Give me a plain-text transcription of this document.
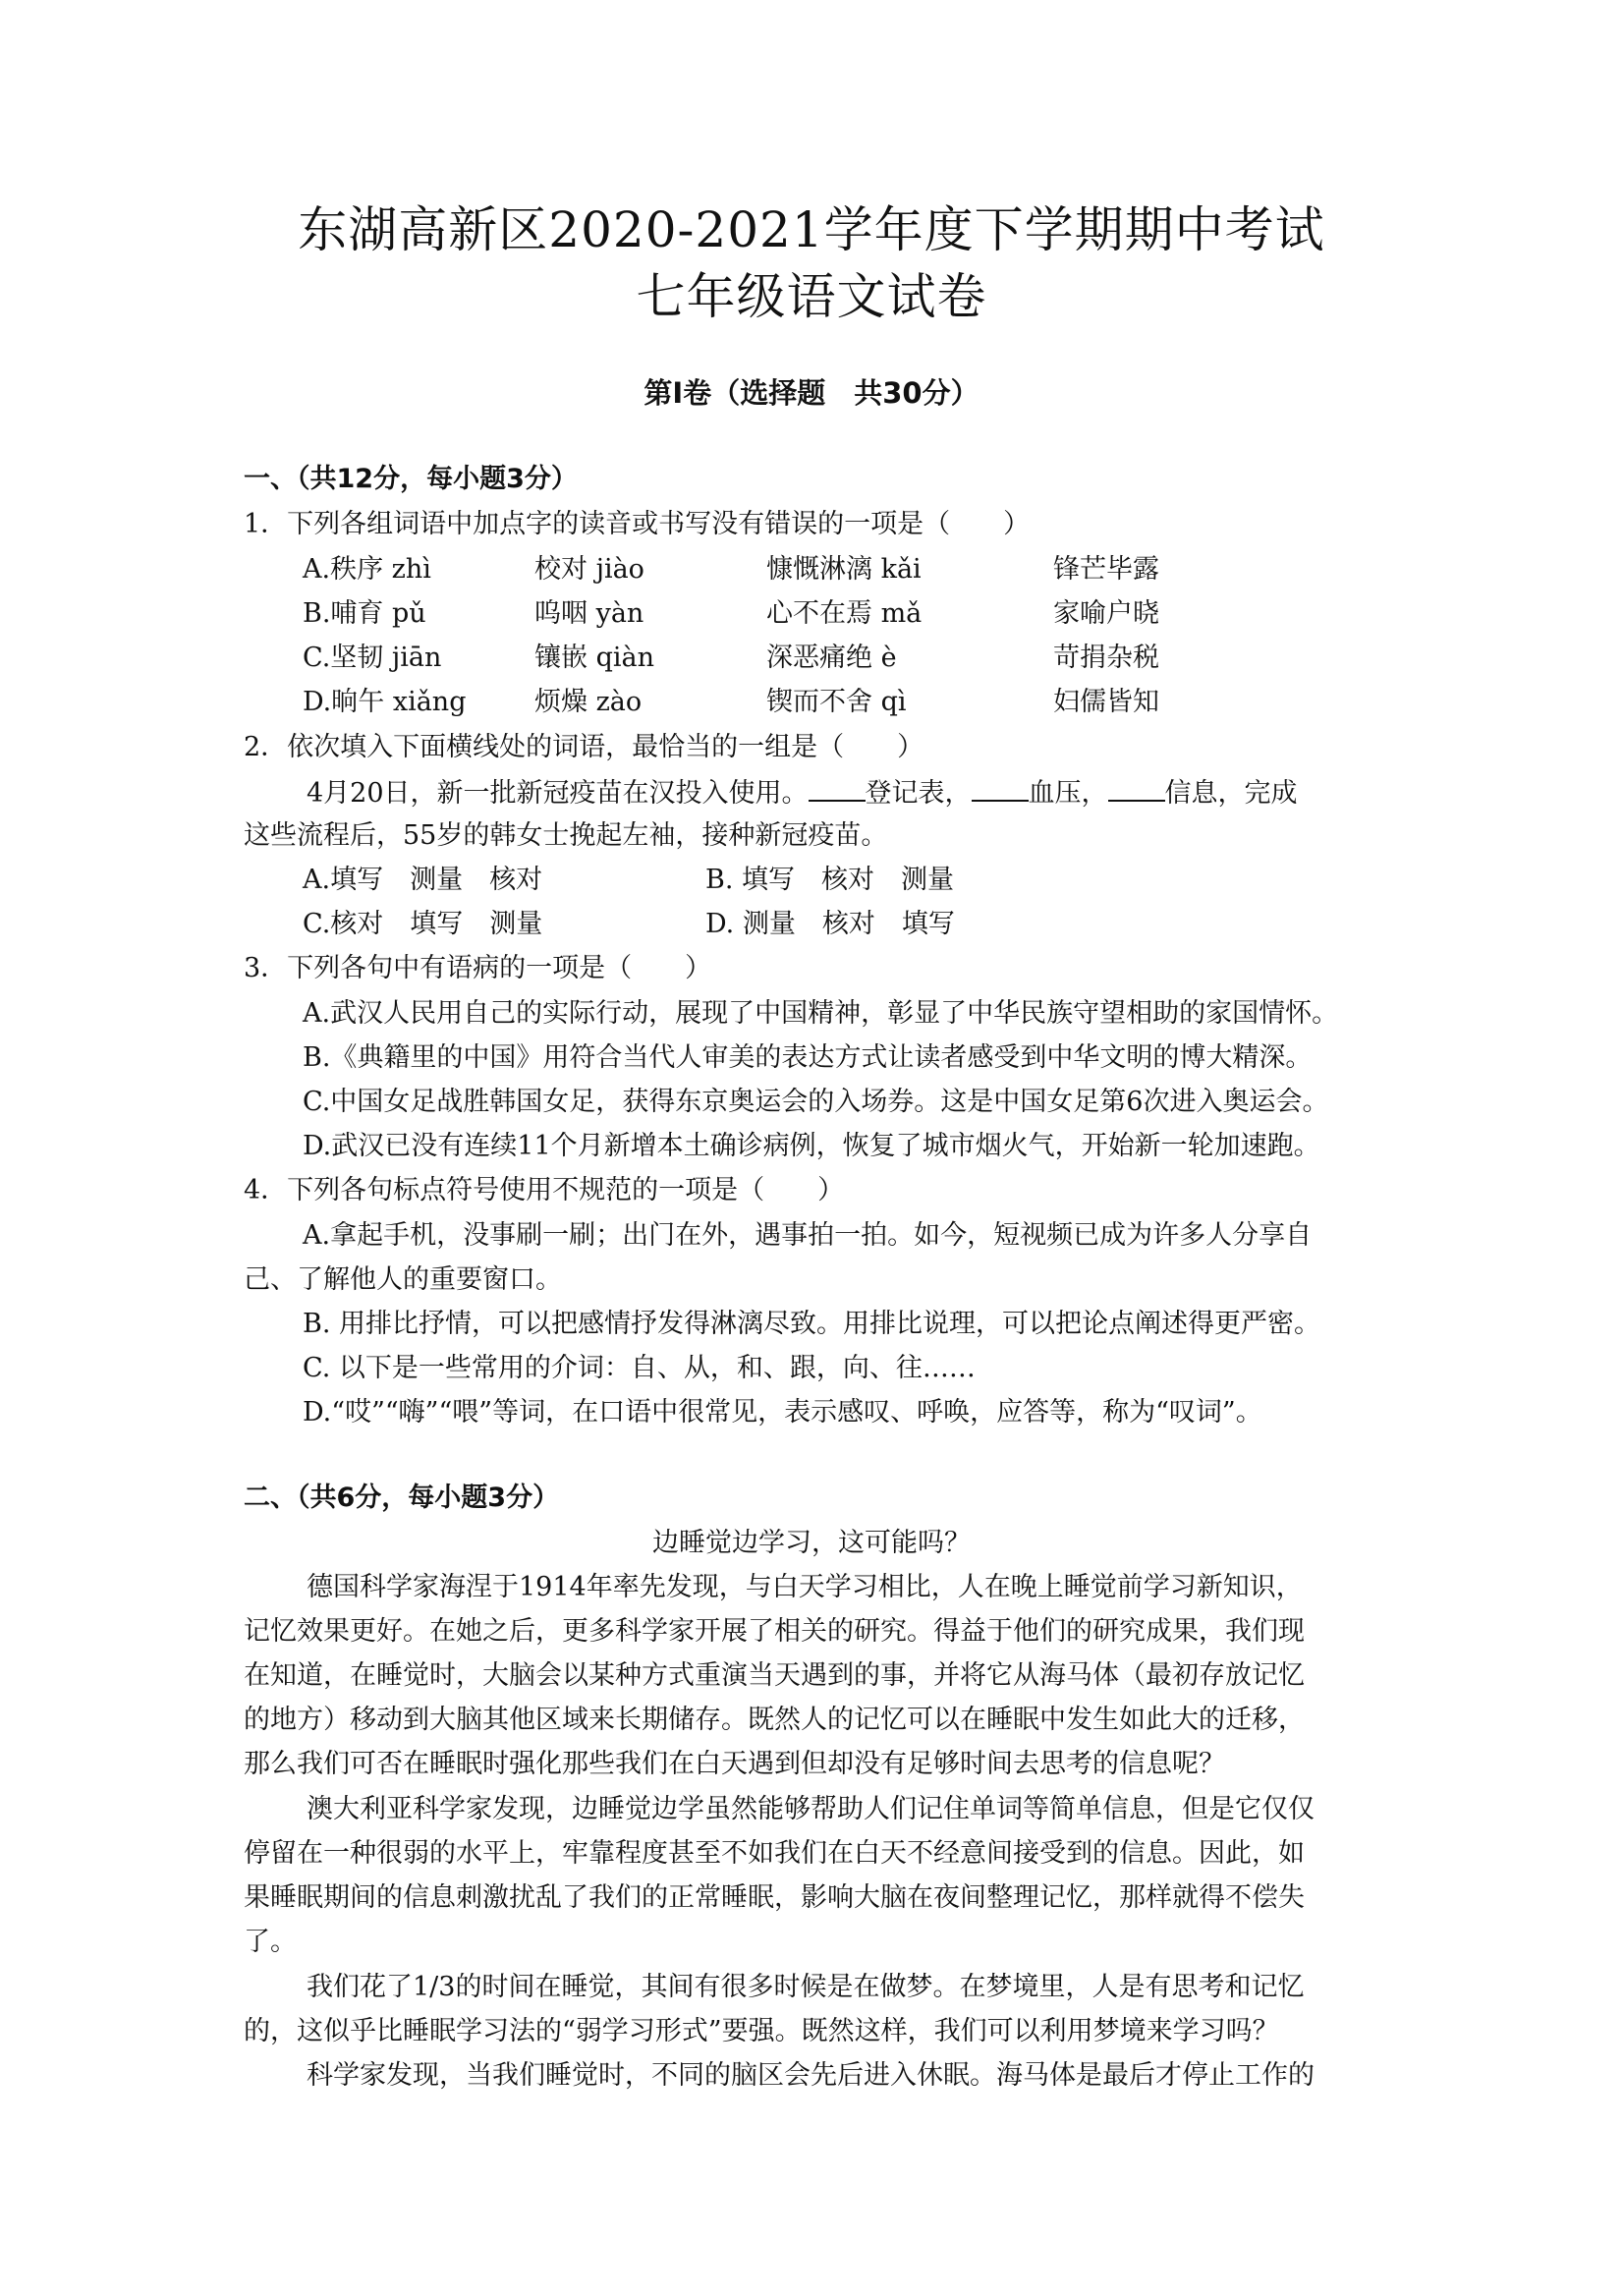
东湖高新区2020-2021学年度下学期期中考试
七年级语文试卷
第Ⅰ卷（选择题　共30分）
一、（共12分，每小题3分）
1．下列各组词语中加点字的读音或书写没有错误的一项是（　　）
A.秩序 zhì	校对 jiào	慷慨淋漓 kǎi	锋芒毕露
B.哺育 pǔ	呜咽 yàn	心不在焉 mǎ	家喻户晓
C.坚韧 jiān	镶嵌 qiàn	深恶痛绝 è	苛捐杂税
D.晌午 xiǎng	烦燥 zào	锲而不舍 qì	妇儒皆知
2．依次填入下面横线处的词语，最恰当的一组是（　　）
4月20日，新一批新冠疫苗在汉投入使用。 登记表， 血压， 信息，完成
这些流程后，55岁的韩女士挽起左袖，接种新冠疫苗。
A.填写　测量　核对	B. 填写　核对　测量
C.核对　填写　测量	D. 测量　核对　填写
3．下列各句中有语病的一项是（　　）
A.武汉人民用自己的实际行动，展现了中国精神，彰显了中华民族守望相助的家国情怀。
B.《典籍里的中国》用符合当代人审美的表达方式让读者感受到中华文明的博大精深。
C.中国女足战胜韩国女足，获得东京奥运会的入场券。这是中国女足第6次进入奥运会。
D.武汉已没有连续11个月新增本土确诊病例，恢复了城市烟火气，开始新一轮加速跑。
4．下列各句标点符号使用不规范的一项是（　　）
A.拿起手机，没事刷一刷；出门在外，遇事拍一拍。如今，短视频已成为许多人分享自
己、了解他人的重要窗口。
B. 用排比抒情，可以把感情抒发得淋漓尽致。用排比说理，可以把论点阐述得更严密。
C. 以下是一些常用的介词：自、从，和、跟，向、往……
D.“哎”“嗨”“喂”等词，在口语中很常见，表示感叹、呼唤，应答等，称为“叹词”。
二、（共6分，每小题3分）
边睡觉边学习，这可能吗？
德国科学家海涅于1914年率先发现，与白天学习相比，人在晚上睡觉前学习新知识，
记忆效果更好。在她之后，更多科学家开展了相关的研究。得益于他们的研究成果，我们现
在知道，在睡觉时，大脑会以某种方式重演当天遇到的事，并将它从海马体（最初存放记忆
的地方）移动到大脑其他区域来长期储存。既然人的记忆可以在睡眠中发生如此大的迁移，
那么我们可否在睡眠时强化那些我们在白天遇到但却没有足够时间去思考的信息呢？
澳大利亚科学家发现，边睡觉边学虽然能够帮助人们记住单词等简单信息，但是它仅仅
停留在一种很弱的水平上，牢靠程度甚至不如我们在白天不经意间接受到的信息。因此，如
果睡眠期间的信息刺激扰乱了我们的正常睡眠，影响大脑在夜间整理记忆，那样就得不偿失
了。
我们花了1/3的时间在睡觉，其间有很多时候是在做梦。在梦境里，人是有思考和记忆
的，这似乎比睡眠学习法的“弱学习形式”要强。既然这样，我们可以利用梦境来学习吗？
科学家发现，当我们睡觉时，不同的脑区会先后进入休眠。海马体是最后才停止工作的
